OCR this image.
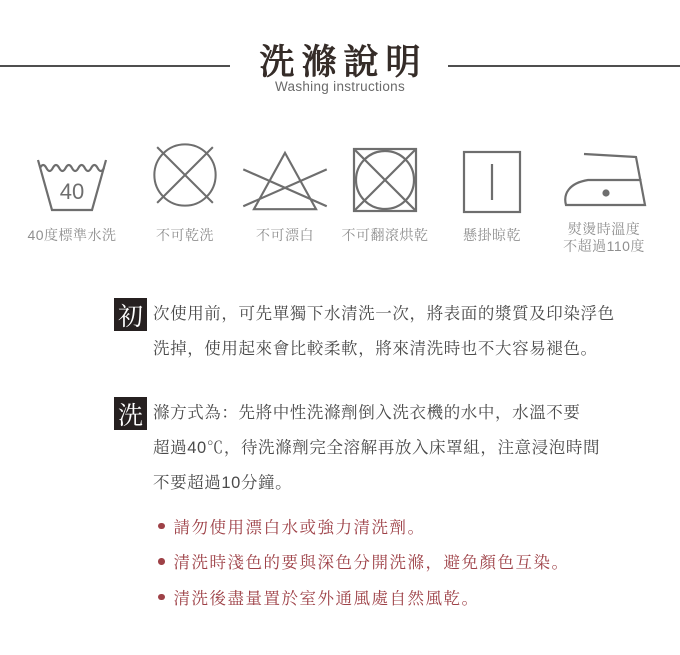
洗滌說明
Washing instructions
40
40度標準水洗	不可乾洗	不可漂白	不可翻滾烘乾	懸掛晾乾	熨燙時溫度
不超過110度
初 次使用前，可先單獨下水清洗一次，將表面的漿質及印染浮色
洗掉，使用起來會比較柔軟，將來清洗時也不大容易褪色。
洗 滌方式為：先將中性洗滌劑倒入洗衣機的水中，水溫不要
超過40℃，待洗滌劑完全溶解再放入床罩組，注意浸泡時間
不要超過10分鐘。
請勿使用漂白水或強力清洗劑。
清洗時淺色的要與深色分開洗滌，避免顏色互染。
清洗後盡量置於室外通風處自然風乾。
